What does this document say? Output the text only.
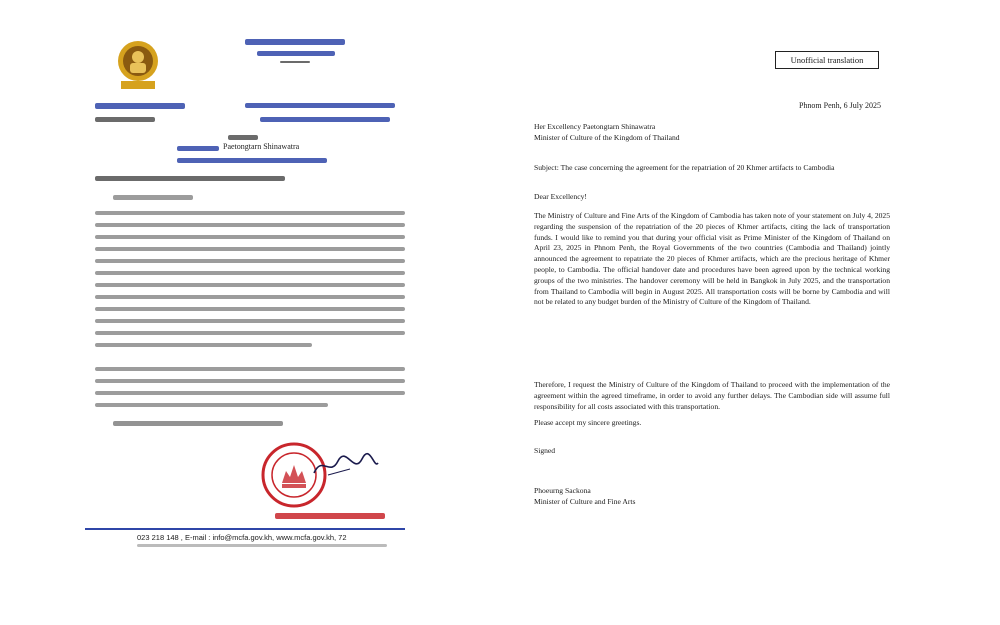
Paetongtarn Shinawatra
023 218 148 , E-mail : info@mcfa.gov.kh, www.mcfa.gov.kh, 72
Unofficial translation
Phnom Penh, 6 July 2025
Her Excellency Paetongtarn Shinawatra
Minister of Culture of the Kingdom of Thailand
Subject: The case concerning the agreement for the repatriation of 20 Khmer artifacts to Cambodia
Dear Excellency!
The Ministry of Culture and Fine Arts of the Kingdom of Cambodia has taken note of your statement on July 4, 2025 regarding the suspension of the repatriation of the 20 pieces of Khmer artifacts, citing the lack of transportation funds. I would like to remind you that during your official visit as Prime Minister of the Kingdom of Thailand on April 23, 2025 in Phnom Penh, the Royal Governments of the two countries (Cambodia and Thailand) jointly announced the agreement to repatriate the 20 pieces of Khmer artifacts, which are the precious heritage of Khmer people, to Cambodia. The official handover date and procedures have been agreed upon by the technical working groups of the two ministries. The handover ceremony will be held in Bangkok in July 2025, and the transportation from Thailand to Cambodia will begin in August 2025. All transportation costs will be borne by Cambodia and will not be related to any budget burden of the Ministry of Culture of the Kingdom of Thailand.
Therefore, I request the Ministry of Culture of the Kingdom of Thailand to proceed with the implementation of the agreement within the agreed timeframe, in order to avoid any further delays. The Cambodian side will assume full responsibility for all costs associated with this transportation.
Please accept my sincere greetings.
Signed
Phoeurng Sackona
Minister of Culture and Fine Arts
